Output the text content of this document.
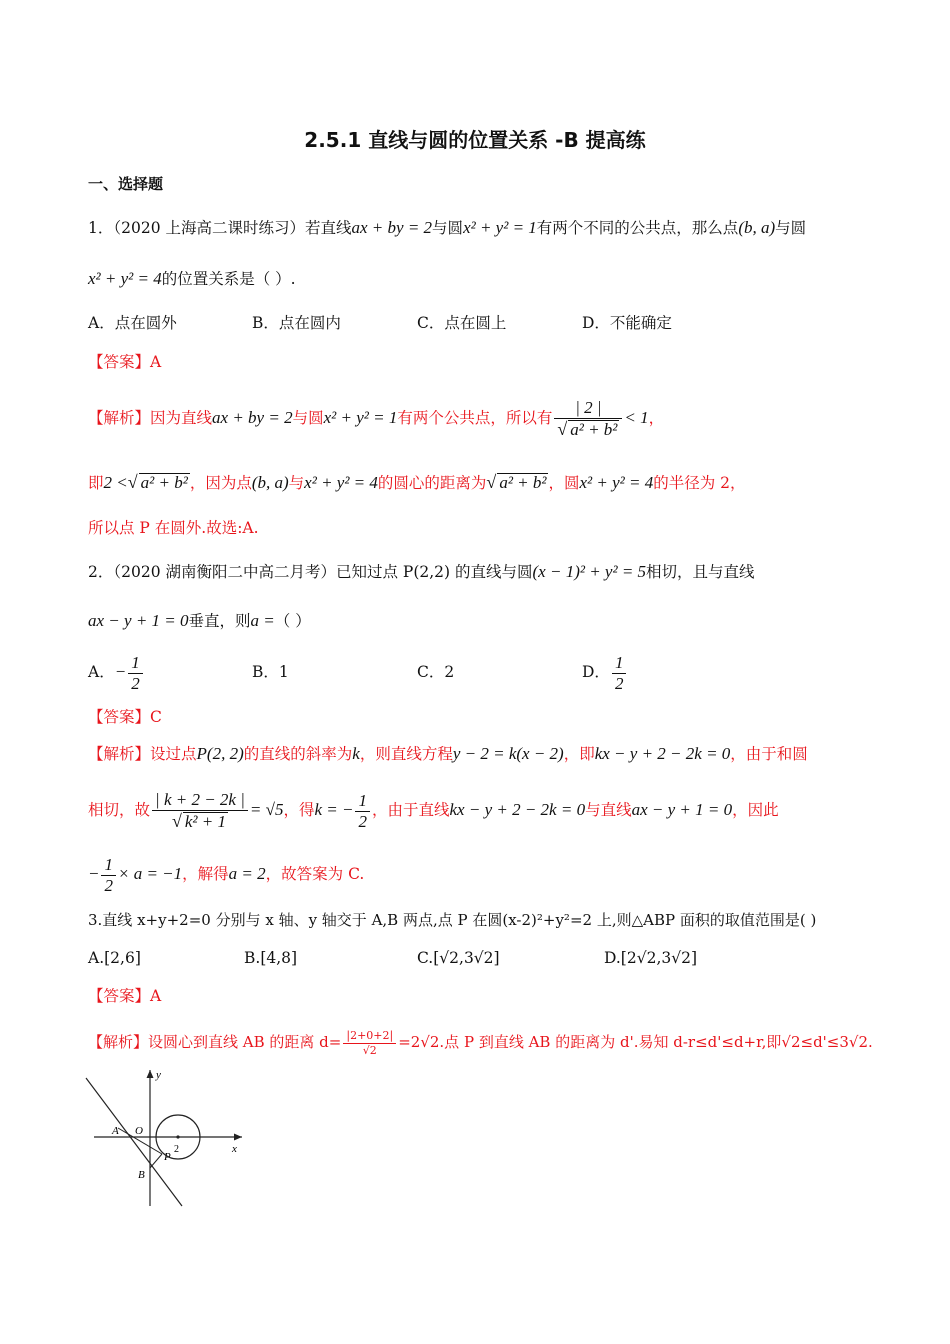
2.5.1 直线与圆的位置关系 -B 提高练
一、选择题
1．（2020 上海高二课时练习）若直线ax + by = 2与圆x² + y² = 1有两个不同的公共点，那么点(b, a)与圆
x² + y² = 4的位置关系是（ ）.
A．点在圆外	B．点在圆内	C．点在圆上	D．不能确定
【答案】A
【解析】因为直线ax + by = 2与圆x² + y² = 1有两个公共点，所以有 $\frac{| 2 |}{\text{√ a² + b²}} < 1$，
即2 <√ a² + b² ，因为点(b, a)与x² + y² = 4的圆心的距离为√ a² + b² ，圆x² + y² = 4的半径为 2，
所以点 P 在圆外.故选:A.
2．（2020 湖南衡阳二中高二月考）已知过点 P(2,2) 的直线与圆(x − 1)² + y² = 5相切，且与直线
ax − y + 1 = 0垂直，则a =（ ）
A．− $\frac{1}{2}$	B．1	C．2	D． $\frac{1}{2}$
【答案】C
【解析】设过点P(2, 2)的直线的斜率为k，则直线方程y − 2 = k(x − 2)，即kx − y + 2 − 2k = 0，由于和圆
相切，故 $\frac{| k + 2 - 2k |}{\text{√ k² + 1}} = √5$，得k = − $\frac{1}{2}$ ，由于直线kx − y + 2 − 2k = 0与直线ax − y + 1 = 0，因此
− $\frac{1}{2} \times a = -1$，解得a = 2，故答案为 C.
3.直线 x+y+2=0 分别与 x 轴、y 轴交于 A,B 两点,点 P 在圆(x-2)²+y²=2 上,则△ABP 面积的取值范围是( )
A.[2,6]	B.[4,8]	C.[√2,3√2]	D.[2√2,3√2]
【答案】A
【解析】设圆心到直线 AB 的距离 $d= \frac{|2+0+2|}{√2} =2√2$.点 P 到直线 AB 的距离为 d'.易知 d-r≤d'≤d+r,即√2≤d'≤3√2.
y
x
A O
2
B
P
